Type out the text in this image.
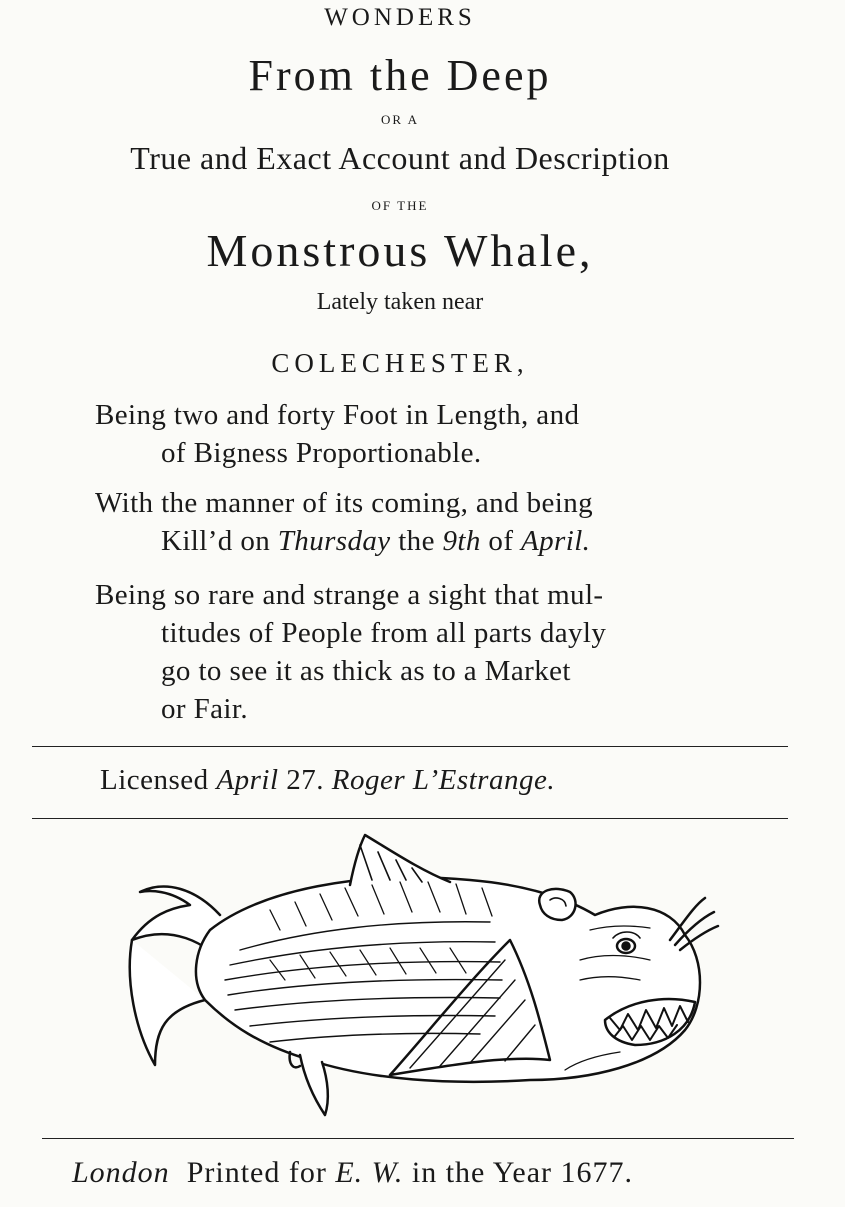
WONDERS
From the Deep
OR A
True and Exact Account and Description
OF THE
Monstrous Whale,
Lately taken near
COLECHESTER,
Being two and forty Foot in Length, and
of Bigness Proportionable.
With the manner of its coming, and being
Kill’d on Thursday the 9th of April.
Being so rare and strange a sight that mul-
titudes of People from all parts dayly
go to see it as thick as to a Market
or Fair.
Licensed April 27. Roger L’Estrange.
London  Printed for E. W. in the Year 1677.
